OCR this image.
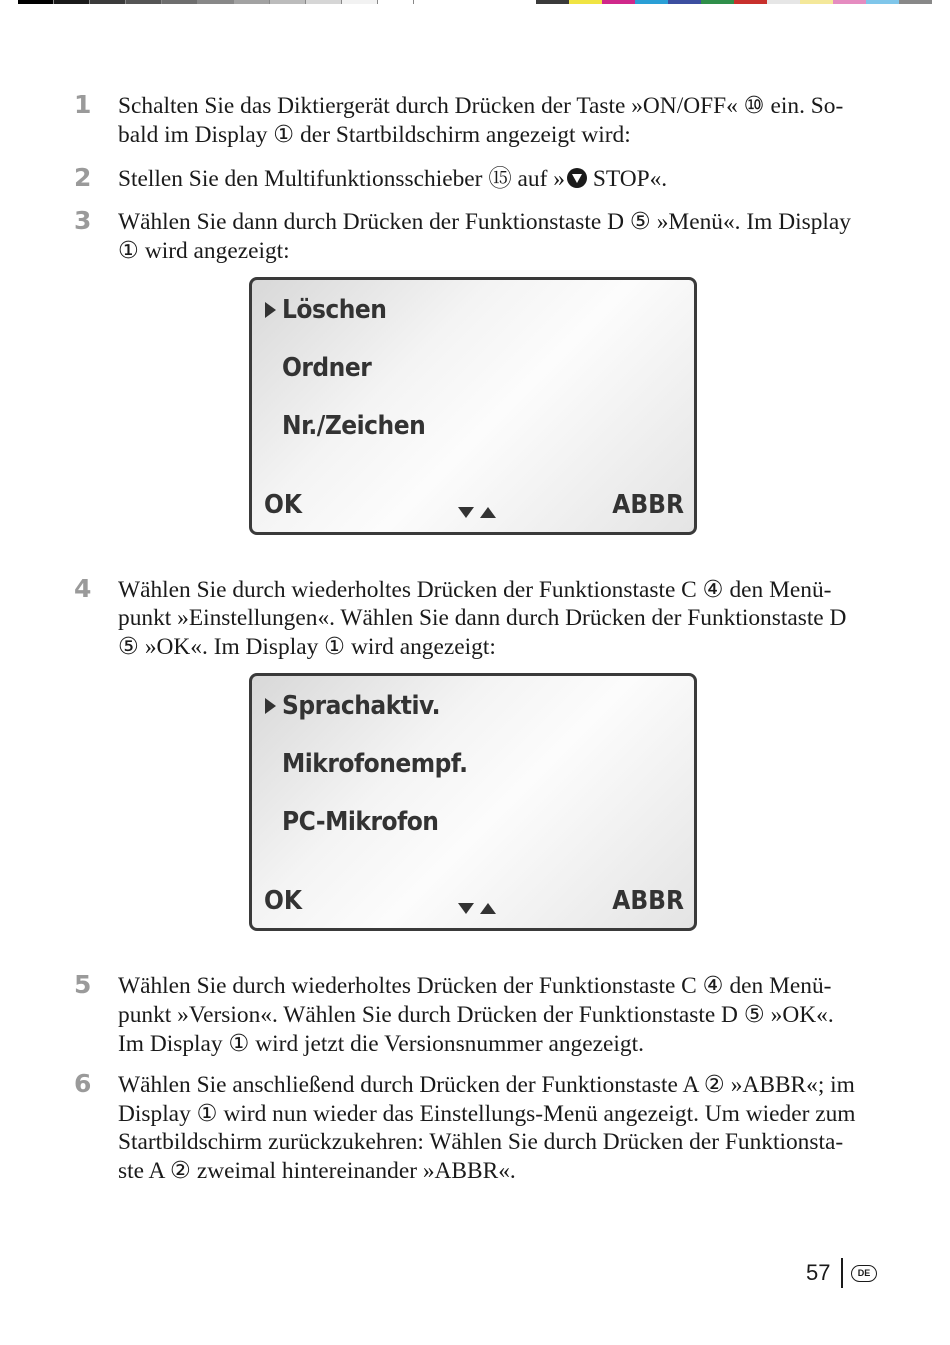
1 Schalten Sie das Diktiergerät durch Drücken der Taste »ON/OFF« ⑩ ein. So-
bald im Display ① der Startbildschirm angezeigt wird:
2 Stellen Sie den Multifunktionsschieber ⑮ auf » STOP«.
3 Wählen Sie dann durch Drücken der Funktionstaste D ⑤ »Menü«. Im Display
① wird angezeigt:
Löschen
Ordner
Nr./Zeichen
OK	ABBR
4 Wählen Sie durch wiederholtes Drücken der Funktionstaste C ④ den Menü-
punkt »Einstellungen«. Wählen Sie dann durch Drücken der Funktionstaste D
⑤ »OK«. Im Display ① wird angezeigt:
Sprachaktiv.
Mikrofonempf.
PC-Mikrofon
OK	ABBR
5 Wählen Sie durch wiederholtes Drücken der Funktionstaste C ④ den Menü-
punkt »Version«. Wählen Sie durch Drücken der Funktionstaste D ⑤ »OK«.
Im Display ① wird jetzt die Versionsnummer angezeigt.
6 Wählen Sie anschließend durch Drücken der Funktionstaste A ② »ABBR«; im
Display ① wird nun wieder das Einstellungs-Menü angezeigt. Um wieder zum
Startbildschirm zurückzukehren: Wählen Sie durch Drücken der Funktionsta-
ste A ② zweimal hintereinander »ABBR«.
57	DE
